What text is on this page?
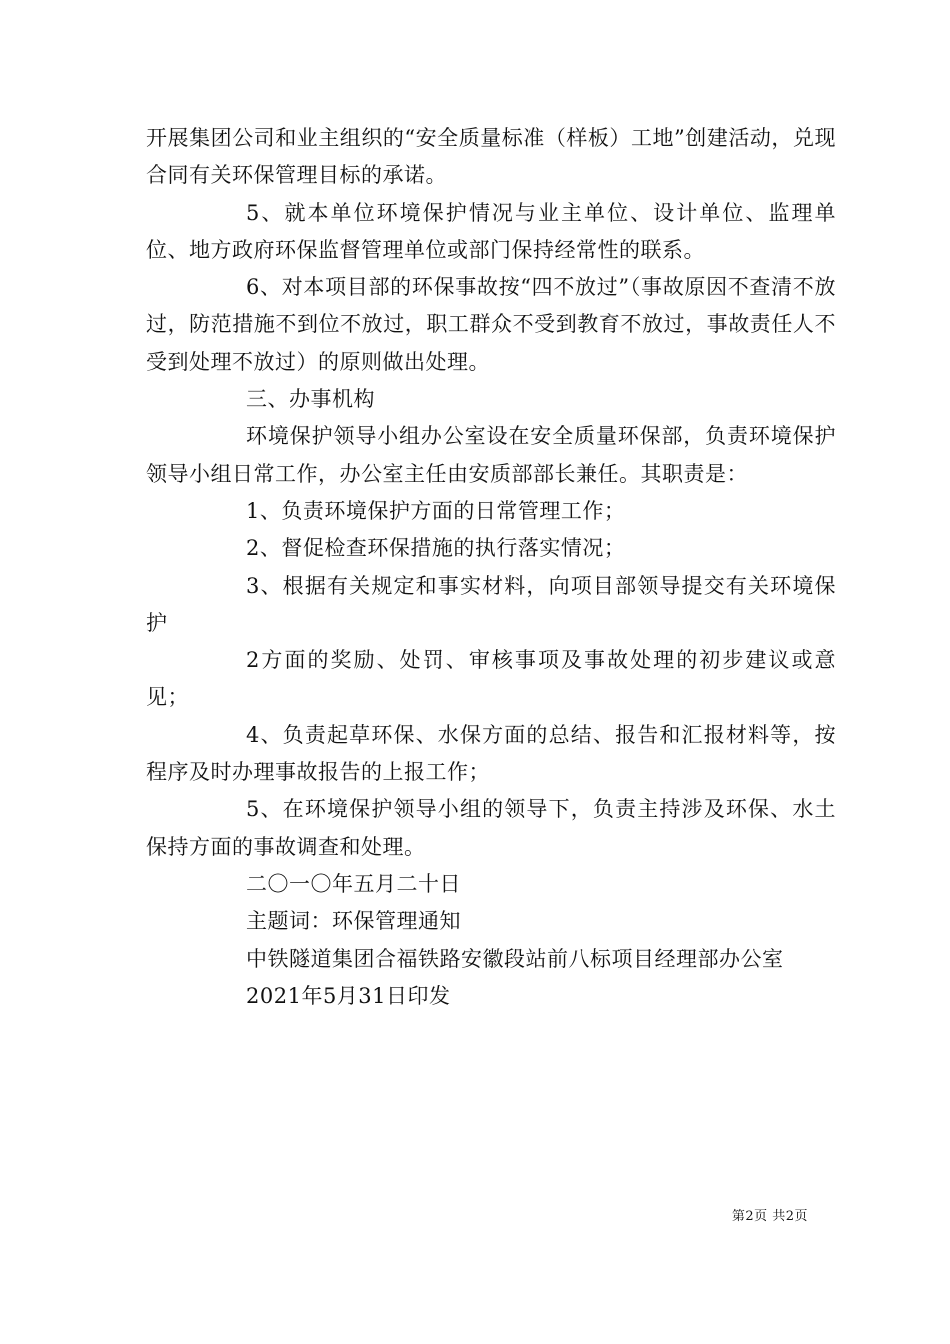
开展集团公司和业主组织的“安全质量标准（样板）工地”创建活动，兑现合同有关环保管理目标的承诺。

5、就本单位环境保护情况与业主单位、设计单位、监理单位、地方政府环保监督管理单位或部门保持经常性的联系。

6、对本项目部的环保事故按“四不放过”（事故原因不查清不放过，防范措施不到位不放过，职工群众不受到教育不放过，事故责任人不受到处理不放过）的原则做出处理。

三、办事机构

环境保护领导小组办公室设在安全质量环保部，负责环境保护领导小组日常工作，办公室主任由安质部部长兼任。其职责是：

1、负责环境保护方面的日常管理工作；

2、督促检查环保措施的执行落实情况；

3、根据有关规定和事实材料，向项目部领导提交有关环境保护

2方面的奖励、处罚、审核事项及事故处理的初步建议或意见；

4、负责起草环保、水保方面的总结、报告和汇报材料等，按程序及时办理事故报告的上报工作；

5、在环境保护领导小组的领导下，负责主持涉及环保、水土保持方面的事故调查和处理。

二〇一〇年五月二十日

主题词：环保管理通知

中铁隧道集团合福铁路安徽段站前八标项目经理部办公室

2021年5月31日印发

第2页 共2页
